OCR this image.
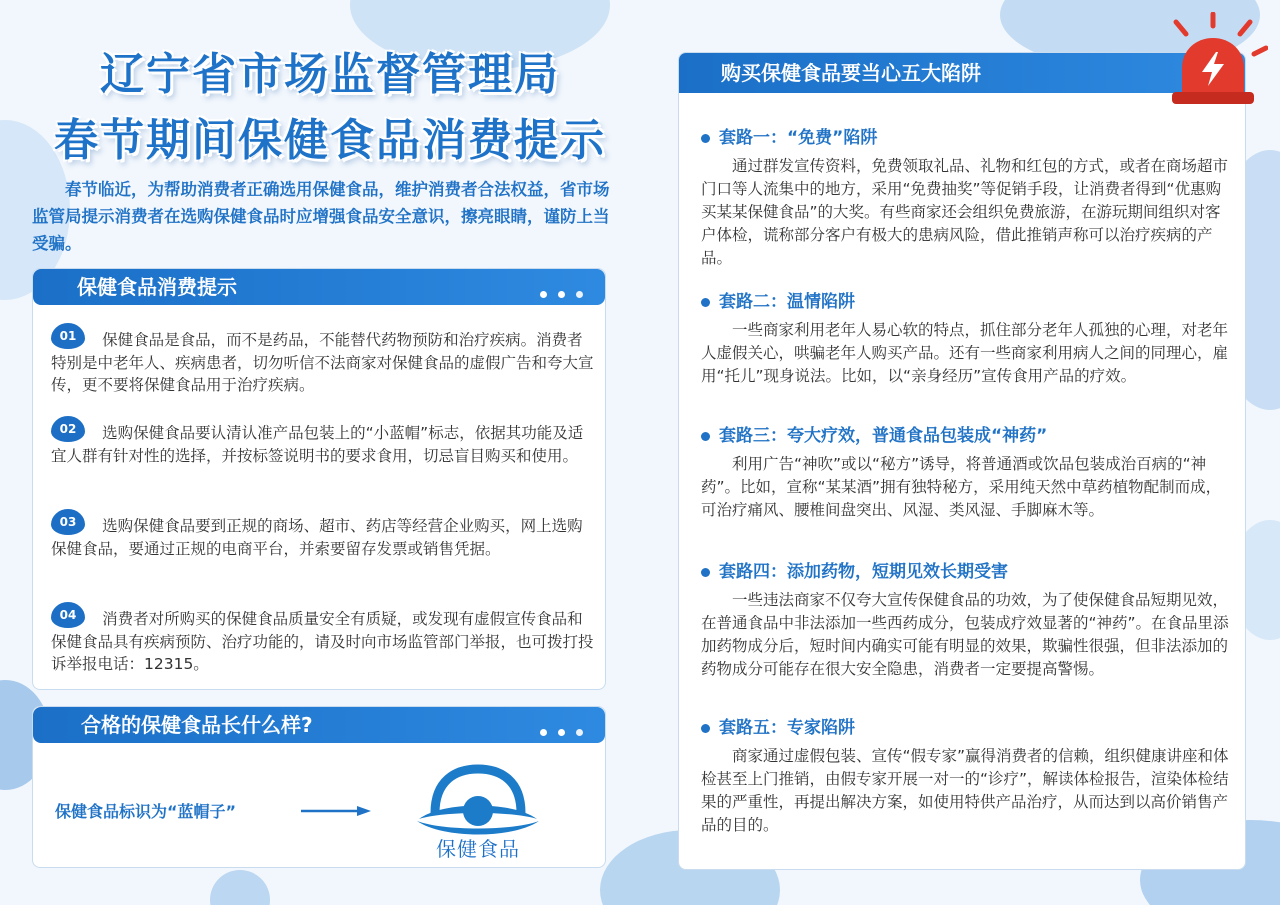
辽宁省市场监督管理局
春节期间保健食品消费提示

春节临近，为帮助消费者正确选用保健食品，维护消费者合法权益，省市场监管局提示消费者在选购保健食品时应增强食品安全意识，擦亮眼睛，谨防上当受骗。

保健食品消费提示
01	保健食品是食品，而不是药品，不能替代药物预防和治疗疾病。消费者特别是中老年人、疾病患者，切勿听信不法商家对保健食品的虚假广告和夸大宣传，更不要将保健食品用于治疗疾病。
02	选购保健食品要认清认准产品包装上的“小蓝帽”标志，依据其功能及适宜人群有针对性的选择，并按标签说明书的要求食用，切忌盲目购买和使用。
03	选购保健食品要到正规的商场、超市、药店等经营企业购买，网上选购保健食品，要通过正规的电商平台，并索要留存发票或销售凭据。
04	消费者对所购买的保健食品质量安全有质疑，或发现有虚假宣传食品和保健食品具有疾病预防、治疗功能的，请及时向市场监管部门举报，也可拨打投诉举报电话：12315。
合格的保健食品长什么样?
保健食品标识为“蓝帽子”
保健食品
购买保健食品要当心五大陷阱
套路一：“免费”陷阱

通过群发宣传资料，免费领取礼品、礼物和红包的方式，或者在商场超市门口等人流集中的地方，采用“免费抽奖”等促销手段，让消费者得到“优惠购买某某保健食品”的大奖。有些商家还会组织免费旅游，在游玩期间组织对客户体检，谎称部分客户有极大的患病风险，借此推销声称可以治疗疾病的产品。

套路二：温情陷阱

一些商家利用老年人易心软的特点，抓住部分老年人孤独的心理，对老年人虚假关心，哄骗老年人购买产品。还有一些商家利用病人之间的同理心，雇用“托儿”现身说法。比如，以“亲身经历”宣传食用产品的疗效。

套路三：夸大疗效，普通食品包装成“神药”

利用广告“神吹”或以“秘方”诱导，将普通酒或饮品包装成治百病的“神药”。比如，宣称“某某酒”拥有独特秘方，采用纯天然中草药植物配制而成，可治疗痛风、腰椎间盘突出、风湿、类风湿、手脚麻木等。

套路四：添加药物，短期见效长期受害

一些违法商家不仅夸大宣传保健食品的功效，为了使保健食品短期见效，在普通食品中非法添加一些西药成分，包装成疗效显著的“神药”。在食品里添加药物成分后，短时间内确实可能有明显的效果，欺骗性很强，但非法添加的药物成分可能存在很大安全隐患，消费者一定要提高警惕。

套路五：专家陷阱

商家通过虚假包装、宣传“假专家”赢得消费者的信赖，组织健康讲座和体检甚至上门推销，由假专家开展一对一的“诊疗”，解读体检报告，渲染体检结果的严重性，再提出解决方案，如使用特供产品治疗，从而达到以高价销售产品的目的。
